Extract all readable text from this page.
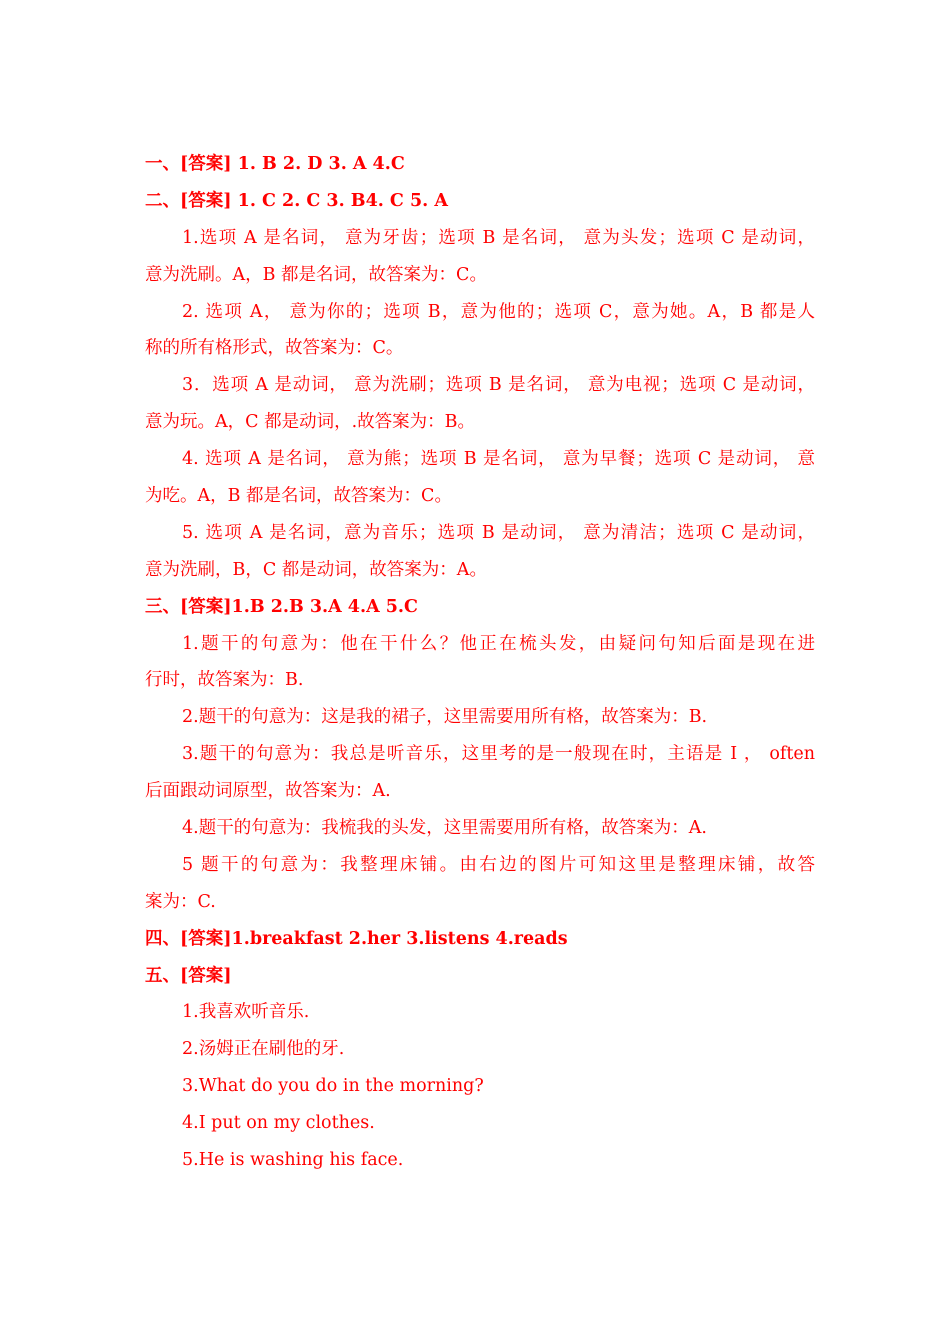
一、[答案] 1. B 2. D 3. A 4.C
二、[答案] 1. C 2. C 3. B4. C 5. A
1.选项 A 是名词， 意为牙齿；选项 B 是名词， 意为头发；选项 C 是动词，
意为洗刷。A，B 都是名词，故答案为：C。
2. 选项 A， 意为你的；选项 B，意为他的；选项 C，意为她。A，B 都是人
称的所有格形式，故答案为：C。
3．选项 A 是动词， 意为洗刷；选项 B 是名词， 意为电视；选项 C 是动词，
意为玩。A，C 都是动词，.故答案为：B。
4. 选项 A 是名词， 意为熊；选项 B 是名词， 意为早餐；选项 C 是动词， 意
为吃。A，B 都是名词，故答案为：C。
5. 选项 A 是名词，意为音乐；选项 B 是动词， 意为清洁；选项 C 是动词，
意为洗刷，B，C 都是动词，故答案为：A。
三、[答案]1.B 2.B 3.A 4.A 5.C
1.题干的句意为：他在干什么？他正在梳头发，由疑问句知后面是现在进
行时，故答案为：B.
2.题干的句意为：这是我的裙子，这里需要用所有格，故答案为：B.
3.题干的句意为：我总是听音乐，这里考的是一般现在时，主语是 I ， often
后面跟动词原型，故答案为：A.
4.题干的句意为：我梳我的头发，这里需要用所有格，故答案为：A.
5 题干的句意为：我整理床铺。由右边的图片可知这里是整理床铺，故答
案为：C.
四、[答案]1.breakfast 2.her 3.listens 4.reads
五、[答案]
1.我喜欢听音乐.
2.汤姆正在刷他的牙.
3.What do you do in the morning?
4.I put on my clothes.
5.He is washing his face.
